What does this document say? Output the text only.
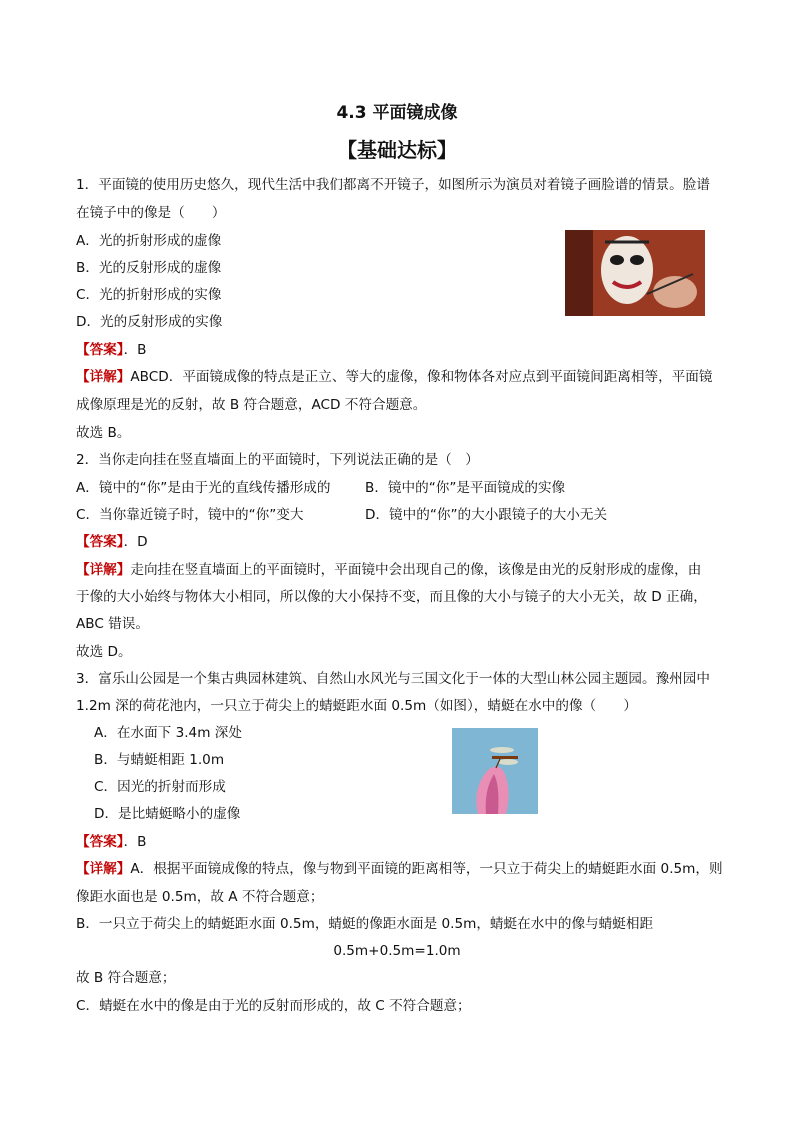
4.3 平面镜成像
【基础达标】
1．平面镜的使用历史悠久，现代生活中我们都离不开镜子，如图所示为演员对着镜子画脸谱的情景。脸谱
在镜子中的像是（　　）
A．光的折射形成的虚像
B．光的反射形成的虚像
C．光的折射形成的实像
D．光的反射形成的实像
【答案】．B
【详解】ABCD．平面镜成像的特点是正立、等大的虚像，像和物体各对应点到平面镜间距离相等，平面镜
成像原理是光的反射，故 B 符合题意，ACD 不符合题意。
故选 B。
2．当你走向挂在竖直墙面上的平面镜时，下列说法正确的是（　）
A．镜中的“你”是由于光的直线传播形成的	B．镜中的“你”是平面镜成的实像
C．当你靠近镜子时，镜中的“你”变大	D．镜中的“你”的大小跟镜子的大小无关
【答案】．D
【详解】走向挂在竖直墙面上的平面镜时，平面镜中会出现自己的像，该像是由光的反射形成的虚像，由
于像的大小始终与物体大小相同，所以像的大小保持不变，而且像的大小与镜子的大小无关，故 D 正确，
ABC 错误。
故选 D。
3．富乐山公园是一个集古典园林建筑、自然山水风光与三国文化于一体的大型山林公园主题园。豫州园中
1.2m 深的荷花池内，一只立于荷尖上的蜻蜓距水面 0.5m（如图），蜻蜓在水中的像（　　）
A．在水面下 3.4m 深处
B．与蜻蜓相距 1.0m
C．因光的折射而形成
D．是比蜻蜓略小的虚像
【答案】．B
【详解】A．根据平面镜成像的特点，像与物到平面镜的距离相等，一只立于荷尖上的蜻蜓距水面 0.5m，则
像距水面也是 0.5m，故 A 不符合题意；
B．一只立于荷尖上的蜻蜓距水面 0.5m，蜻蜓的像距水面是 0.5m，蜻蜓在水中的像与蜻蜓相距
0.5m+0.5m=1.0m
故 B 符合题意；
C．蜻蜓在水中的像是由于光的反射而形成的，故 C 不符合题意；
